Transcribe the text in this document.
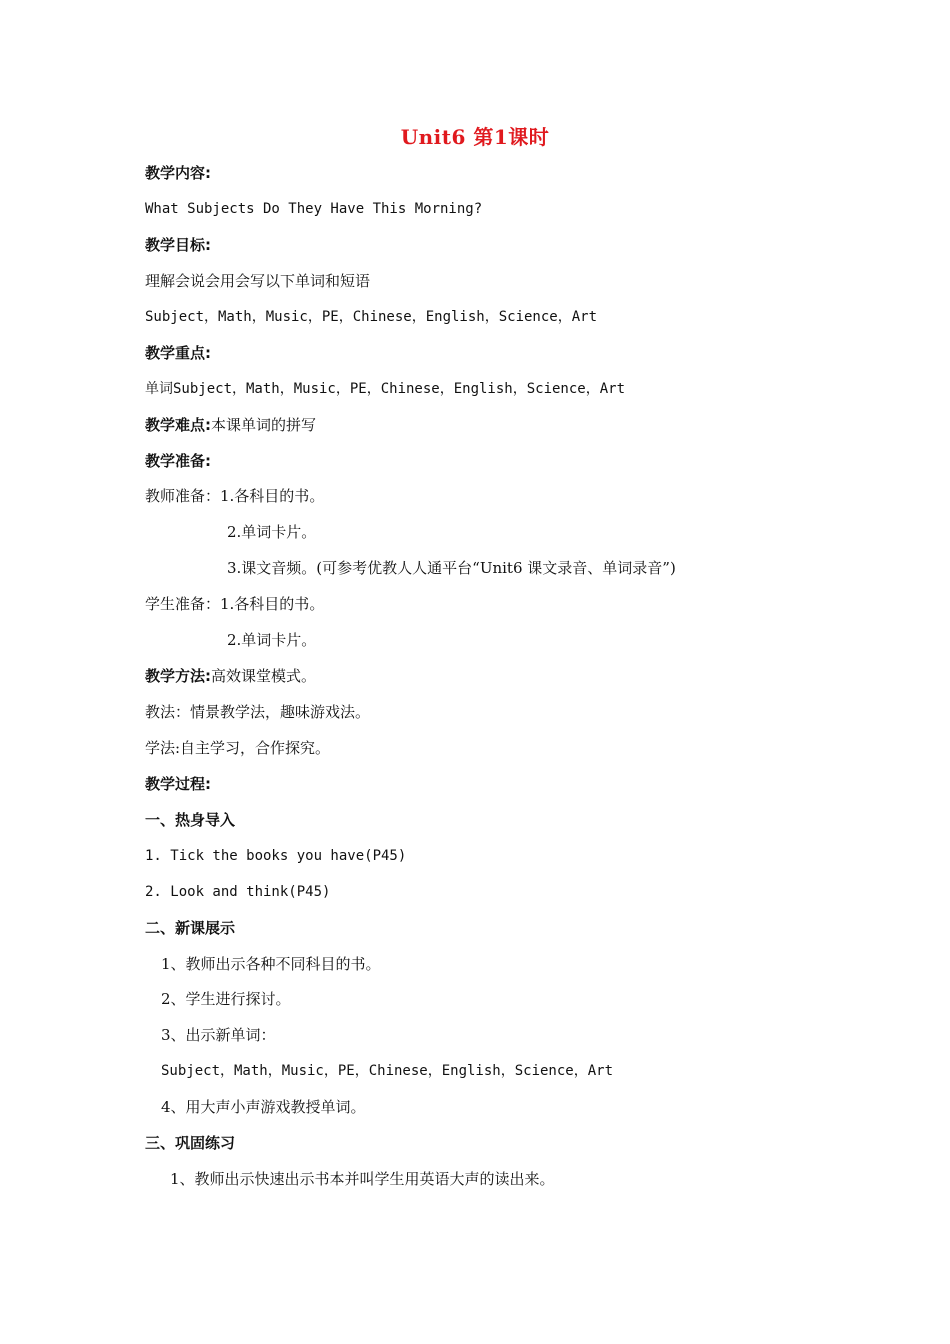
Unit6 第1课时
教学内容:
What Subjects Do They Have This Morning?
教学目标:
理解会说会用会写以下单词和短语
Subject，Math，Music，PE，Chinese，English，Science，Art
教学重点:
单词Subject，Math，Music，PE，Chinese，English，Science，Art
教学难点:本课单词的拼写
教学准备:
教师准备：1.各科目的书。
2.单词卡片。
3.课文音频。(可参考优教人人通平台“Unit6 课文录音、单词录音”)
学生准备：1.各科目的书。
2.单词卡片。
教学方法:高效课堂模式。
教法：情景教学法，趣味游戏法。
学法:自主学习，合作探究。
教学过程:
一、热身导入
1. Tick the books you have(P45)
2. Look and think(P45)
二、新课展示
1、教师出示各种不同科目的书。
2、学生进行探讨。
3、出示新单词：
Subject，Math，Music，PE，Chinese，English，Science，Art
4、用大声小声游戏教授单词。
三、巩固练习
1、教师出示快速出示书本并叫学生用英语大声的读出来。
